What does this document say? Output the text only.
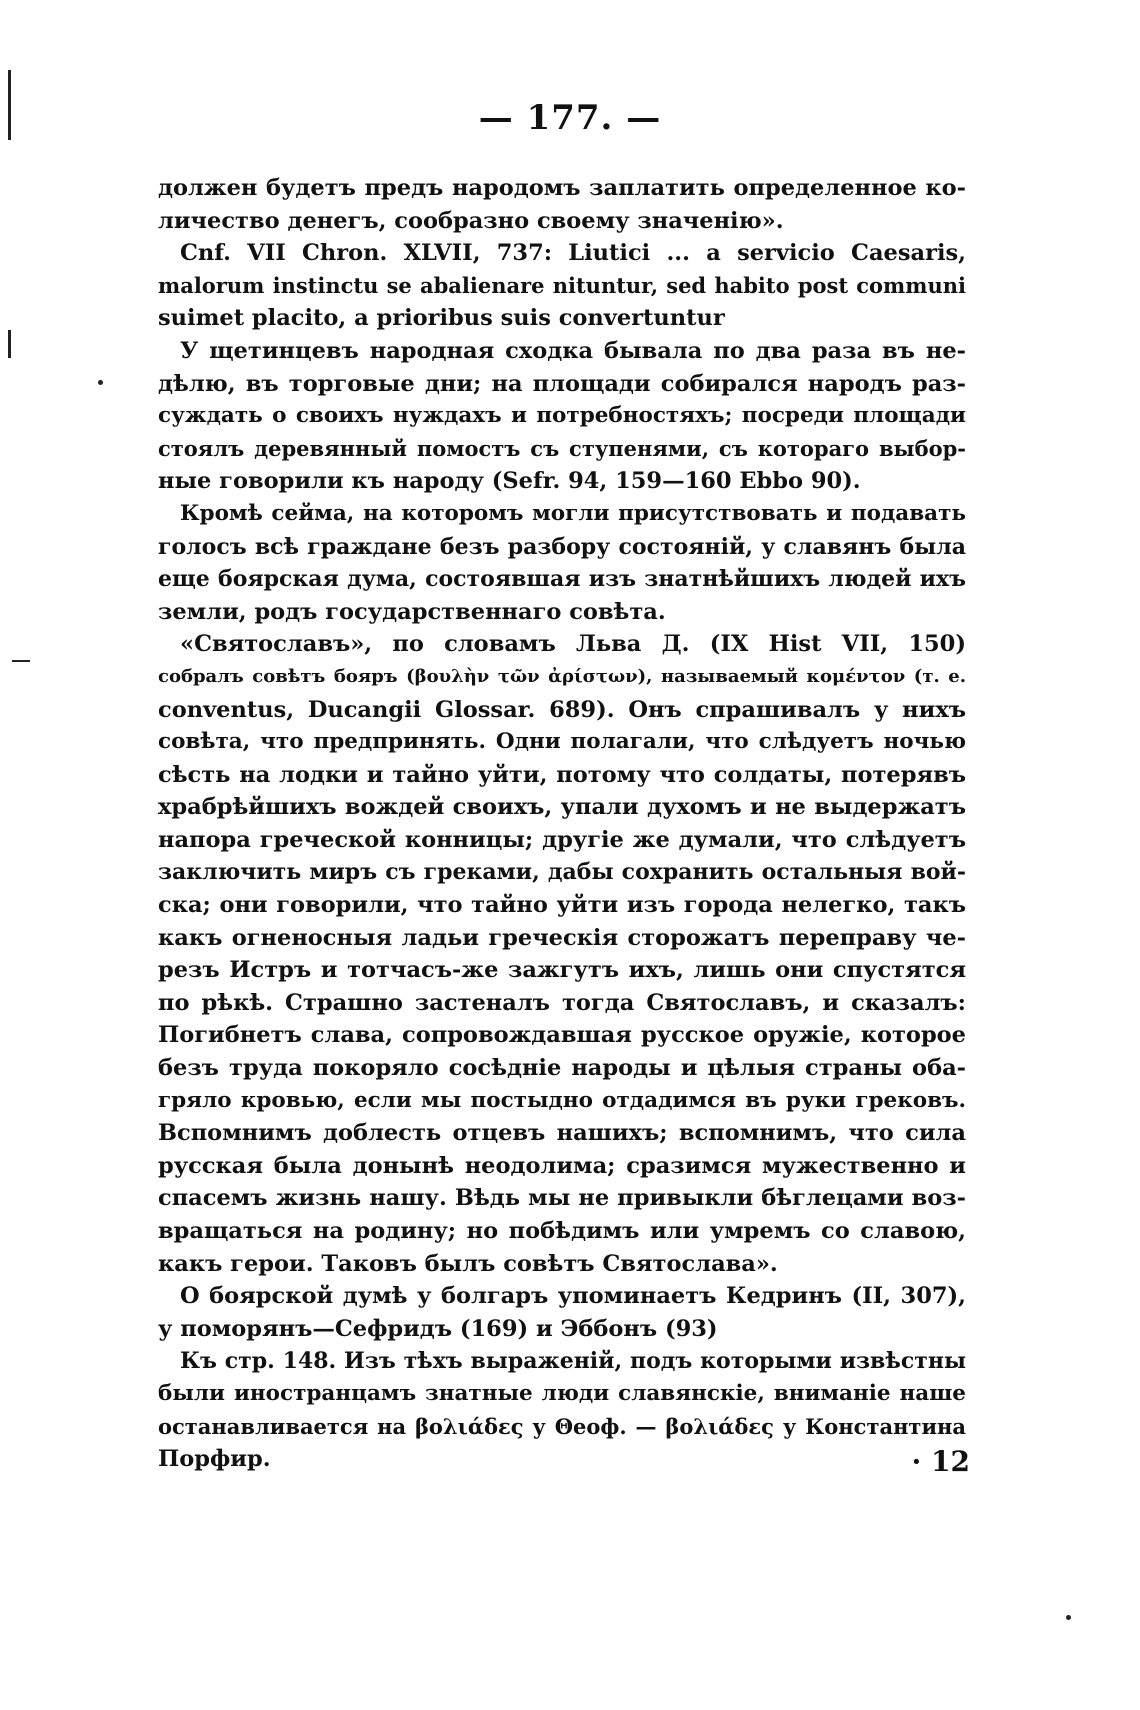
— 177. —
должен будетъ предъ народомъ заплатить определенное ко-
личество денегъ, сообразно своему значенію».
Cnf. VII Chron. XLVII, 737: Liutici ... a servicio Caesaris,
malorum instinctu se abalienare nituntur, sed habito post communi
suimet placito, a prioribus suis convertuntur
У щетинцевъ народная сходка бывала по два раза въ не-
дѣлю, въ торговые дни; на площади собирался народъ раз-
суждать о своихъ нуждахъ и потребностяхъ; посреди площади
стоялъ деревянный помостъ съ ступенями, съ котораго выбор-
ные говорили къ народу (Sefr. 94, 159—160 Ebbo 90).
Кромѣ сейма, на которомъ могли присутствовать и подавать
голосъ всѣ граждане безъ разбору состояній, у славянъ была
еще боярская дума, состоявшая изъ знатнѣйшихъ людей ихъ
земли, родъ государственнаго совѣта.
«Святославъ», по словамъ Льва Д. (IX Hist VII, 150)
собралъ совѣтъ бояръ (βουλὴν τῶν ἀρίστων), называемый κομέντον (т. е.
conventus, Ducangii Glossar. 689). Онъ спрашивалъ у нихъ
совѣта, что предпринять. Одни полагали, что слѣдуетъ ночью
сѣсть на лодки и тайно уйти, потому что солдаты, потерявъ
храбрѣйшихъ вождей своихъ, упали духомъ и не выдержатъ
напора греческой конницы; другіе же думали, что слѣдуетъ
заключить миръ съ греками, дабы сохранить остальныя вой-
ска; они говорили, что тайно уйти изъ города нелегко, такъ
какъ огненосныя ладьи греческія сторожатъ переправу че-
резъ Истръ и тотчасъ-же зажгутъ ихъ, лишь они спустятся
по рѣкѣ. Страшно застеналъ тогда Святославъ, и сказалъ:
Погибнетъ слава, сопровождавшая русское оружіе, которое
безъ труда покоряло сосѣдніе народы и цѣлыя страны оба-
гряло кровью, если мы постыдно отдадимся въ руки грековъ.
Вспомнимъ доблесть отцевъ нашихъ; вспомнимъ, что сила
русская была донынѣ неодолима; сразимся мужественно и
спасемъ жизнь нашу. Вѣдь мы не привыкли бѣглецами воз-
вращаться на родину; но побѣдимъ или умремъ со славою,
какъ герои. Таковъ былъ совѣтъ Святослава».
О боярской думѣ у болгаръ упоминаетъ Кедринъ (II, 307),
у поморянъ—Сефридъ (169) и Эббонъ (93)
Къ стр. 148. Изъ тѣхъ выраженій, подъ которыми извѣстны
были иностранцамъ знатные люди славянскіе, вниманіе наше
останавливается на βολιάδες у Θеоф. — βολιάδες у Константина
Порфир.	· 12
